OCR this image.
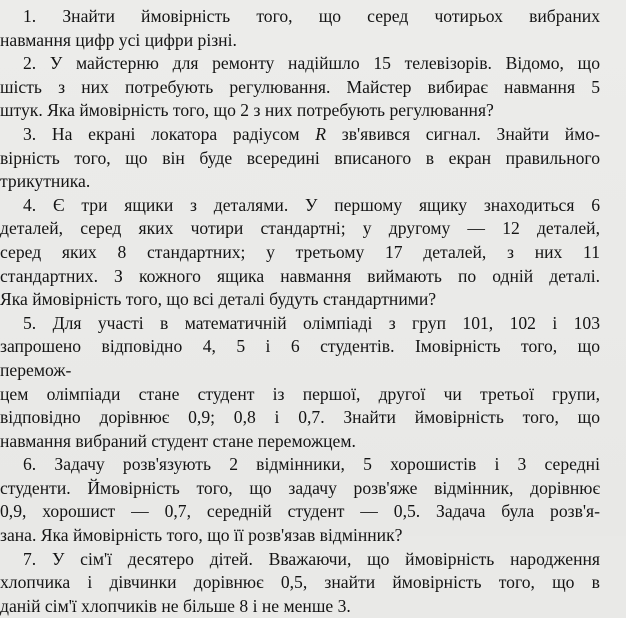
1. Знайти ймовірність того, що серед чотирьох вибраних
навмання цифр усі цифри різні.
2. У майстерню для ремонту надійшло 15 телевізорів. Відомо, що
шість з них потребують регулювання. Майстер вибирає навмання 5
штук. Яка ймовірність того, що 2 з них потребують регулювання?
3. На екрані локатора радіусом R зв'явився сигнал. Знайти ймо-
вірність того, що він буде всередині вписаного в екран правильного
трикутника.
4. Є три ящики з деталями. У першому ящику знаходиться 6
деталей, серед яких чотири стандартні; у другому — 12 деталей,
серед яких 8 стандартних; у третьому 17 деталей, з них 11
стандартних. З кожного ящика навмання виймають по одній деталі.
Яка ймовірність того, що всі деталі будуть стандартними?
5. Для участі в математичній олімпіаді з груп 101, 102 і 103
запрошено відповідно 4, 5 і 6 студентів. Імовірність того, що
перемож-
цем олімпіади стане студент із першої, другої чи третьої групи,
відповідно дорівнює 0,9; 0,8 і 0,7. Знайти ймовірність того, що
навмання вибраний студент стане переможцем.
6. Задачу розв'язують 2 відмінники, 5 хорошистів і 3 середні
студенти. Ймовірність того, що задачу розв'яже відмінник, дорівнює
0,9, хорошист — 0,7, середній студент — 0,5. Задача була розв'я-
зана. Яка ймовірність того, що її розв'язав відмінник?
7. У сім'ї десятеро дітей. Вважаючи, що ймовірність народження
хлопчика і дівчинки дорівнює 0,5, знайти ймовірність того, що в
даній сім'ї хлопчиків не більше 8 і не менше 3.
